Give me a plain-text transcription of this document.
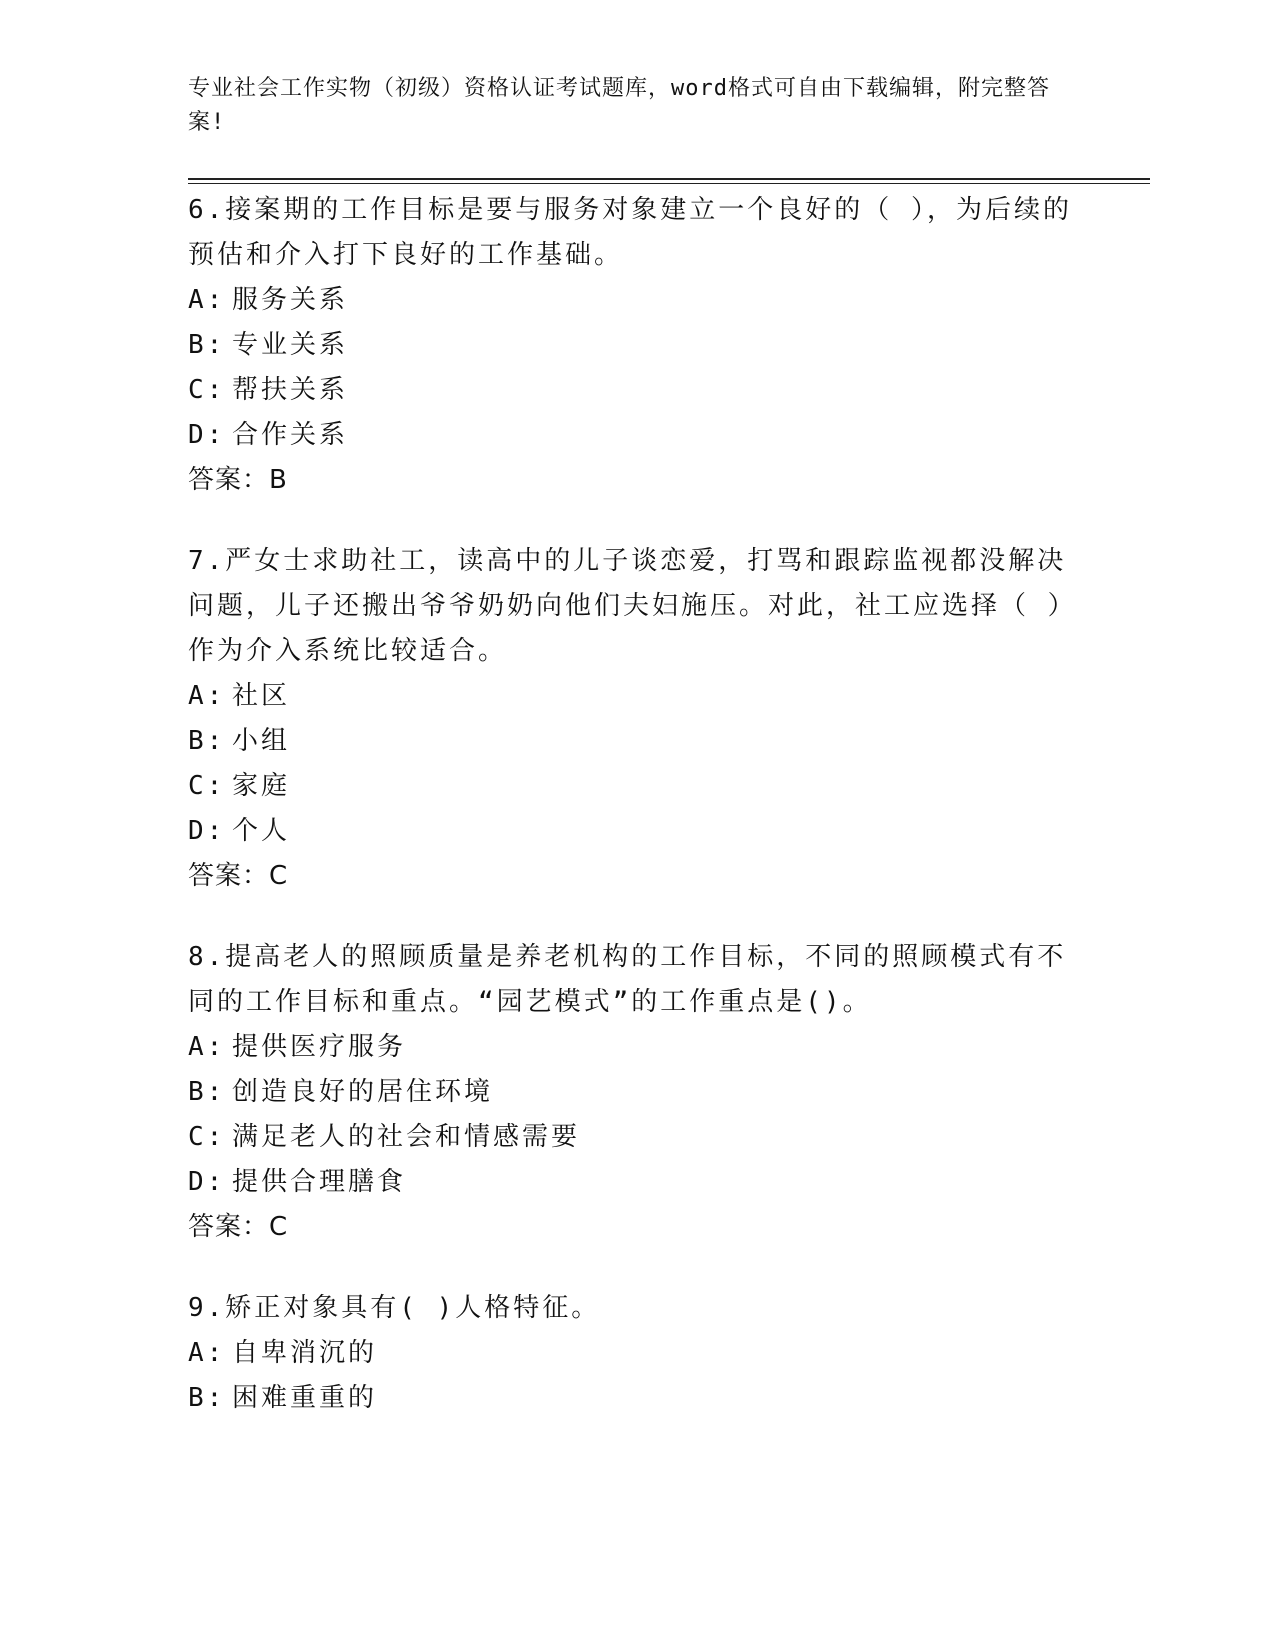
专业社会工作实物（初级）资格认证考试题库，word格式可自由下载编辑，附完整答案!
6.接案期的工作目标是要与服务对象建立一个良好的（ ），为后续的预估和介入打下良好的工作基础。
A: 服务关系
B: 专业关系
C: 帮扶关系
D: 合作关系
答案：B
7.严女士求助社工，读高中的儿子谈恋爱，打骂和跟踪监视都没解决问题，儿子还搬出爷爷奶奶向他们夫妇施压。对此，社工应选择（ ）作为介入系统比较适合。
A: 社区
B: 小组
C: 家庭
D: 个人
答案：C
8.提高老人的照顾质量是养老机构的工作目标，不同的照顾模式有不同的工作目标和重点。“园艺模式”的工作重点是()。
A: 提供医疗服务
B: 创造良好的居住环境
C: 满足老人的社会和情感需要
D: 提供合理膳食
答案：C
9.矫正对象具有( )人格特征。
A: 自卑消沉的
B: 困难重重的
